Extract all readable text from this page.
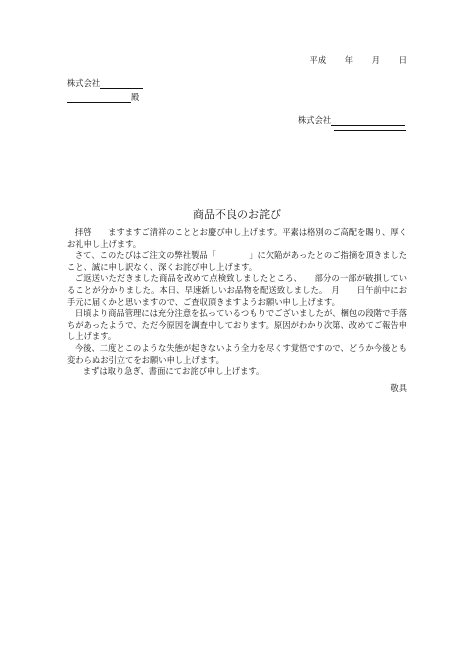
平成 年 月 日
株式会社
殿
株式会社
商品不良のお詫び

拝啓　　ますますご清祥のこととお慶び申し上げます。平素は格別のご高配を賜り、厚くお礼申し上げます。

さて、このたびはご注文の弊社製品「　　　　」に欠陥があったとのご指摘を頂きましたこと、誠に申し訳なく、深くお詫び申し上げます。

ご返送いただきました商品を改めて点検致しましたところ、　　部分の一部が破損していることが分かりました。本日、早速新しいお品物を配送致しました。　月　　日午前中にお手元に届くかと思いますので、ご査収頂きますようお願い申し上げます。

日頃より商品管理には充分注意を払っているつもりでございましたが、梱包の段階で手落ちがあったようで、ただ今原因を調査中しております。原因がわかり次第、改めてご報告申し上げます。

今後、二度とこのような失態が起きないよう全力を尽くす覚悟ですので、どうか今後とも変わらぬお引立てをお願い申し上げます。

まずは取り急ぎ、書面にてお詫び申し上げます。

敬具
